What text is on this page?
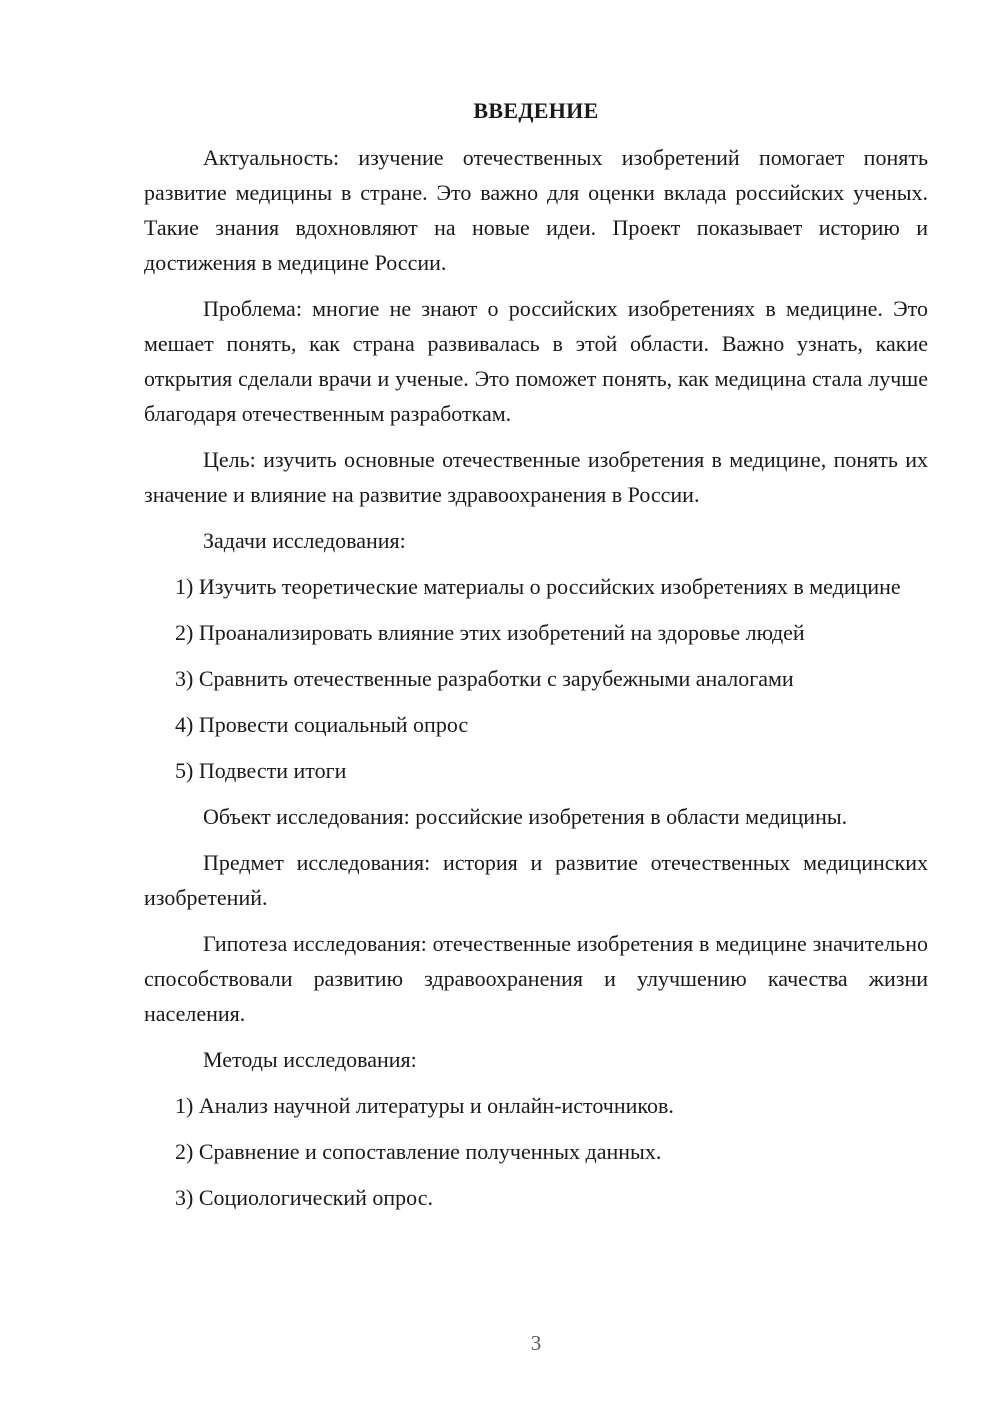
ВВЕДЕНИЕ

Актуальность: изучение отечественных изобретений помогает понять развитие медицины в стране. Это важно для оценки вклада российских ученых. Такие знания вдохновляют на новые идеи. Проект показывает историю и достижения в медицине России.

Проблема: многие не знают о российских изобретениях в медицине. Это мешает понять, как страна развивалась в этой области. Важно узнать, какие открытия сделали врачи и ученые. Это поможет понять, как медицина стала лучше благодаря отечественным разработкам.

Цель: изучить основные отечественные изобретения в медицине, понять их значение и влияние на развитие здравоохранения в России.

Задачи исследования:

1) Изучить теоретические материалы о российских изобретениях в медицине

2) Проанализировать влияние этих изобретений на здоровье людей

3) Сравнить отечественные разработки с зарубежными аналогами

4) Провести социальный опрос

5) Подвести итоги

Объект исследования: российские изобретения в области медицины.

Предмет исследования: история и развитие отечественных медицинских изобретений.

Гипотеза исследования: отечественные изобретения в медицине значительно способствовали развитию здравоохранения и улучшению качества жизни населения.

Методы исследования:

1) Анализ научной литературы и онлайн-источников.

2) Сравнение и сопоставление полученных данных.

3) Социологический опрос.

3
